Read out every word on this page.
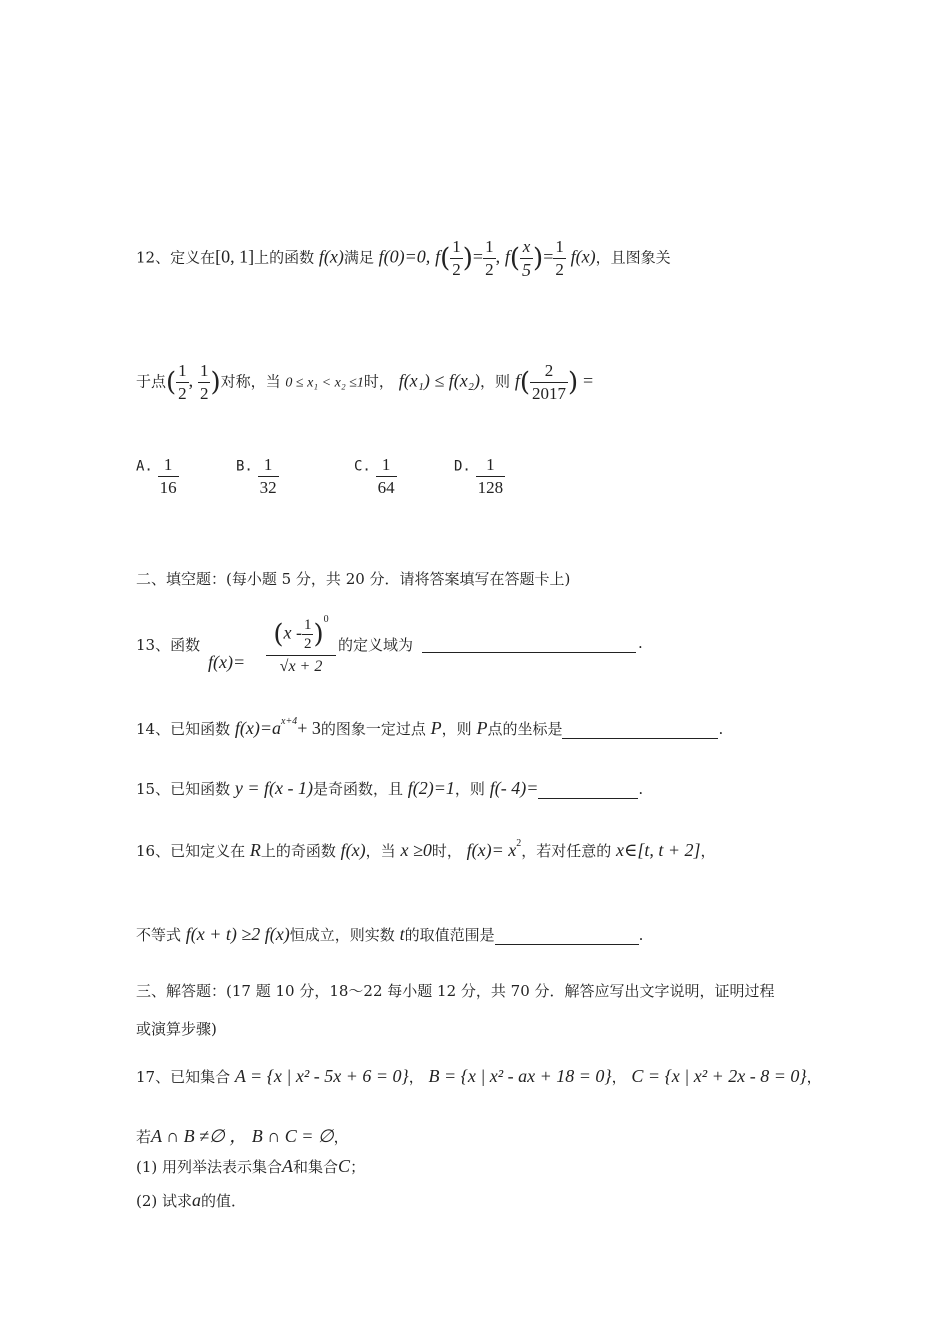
12、定义在[0, 1]上的函数 f(x)满足 f(0)=0, $f( \frac{1}{2}$ )= $\frac{1}{2}$ , $f( \frac{x}{5}$ )= $\frac{1}{2} f(x)$，且图象关
于点( $\frac{1}{2}$ , $\frac{1}{2}$ )对称，当 0 ≤ x₁ < x₂ ≤1时， f(x₁) ≤ f(x₂)，则 $f( \frac{2}{2017}$ ) =
A. $\frac{1}{16}$	B. $\frac{1}{32}$	C. $\frac{1}{64}$	D. $\frac{1}{128}$
二、填空题：(每小题 5 分，共 20 分．请将答案填写在答题卡上)
13、函数
f(x)=
$(x - \frac{1}{2} )^0$
√x + 2
的定义域为	.
14、已知函数 $f(x)=a^{x+4}+ 3$的图象一定过点 P，则 P点的坐标是	.
15、已知函数 y = f(x - 1)是奇函数，且 f(2)=1，则 f(- 4)=	.
16、已知定义在 R上的奇函数 f(x)，当 x ≥0时， $f(x)= x^2$，若对任意的 x∈[t, t + 2]，
不等式 f(x + t) ≥2 f(x)恒成立，则实数 t的取值范围是	.
三、解答题：(17 题 10 分，18～22 每小题 12 分，共 70 分．解答应写出文字说明，证明过程
或演算步骤)
17、已知集合 A = {x | x² - 5x + 6 = 0}， B = {x | x² - ax + 18 = 0}， C = {x | x² + 2x - 8 = 0}，
若A ∩ B ≠∅ ， B ∩ C = ∅，
(1) 用列举法表示集合A和集合C；
(2) 试求a的值．
